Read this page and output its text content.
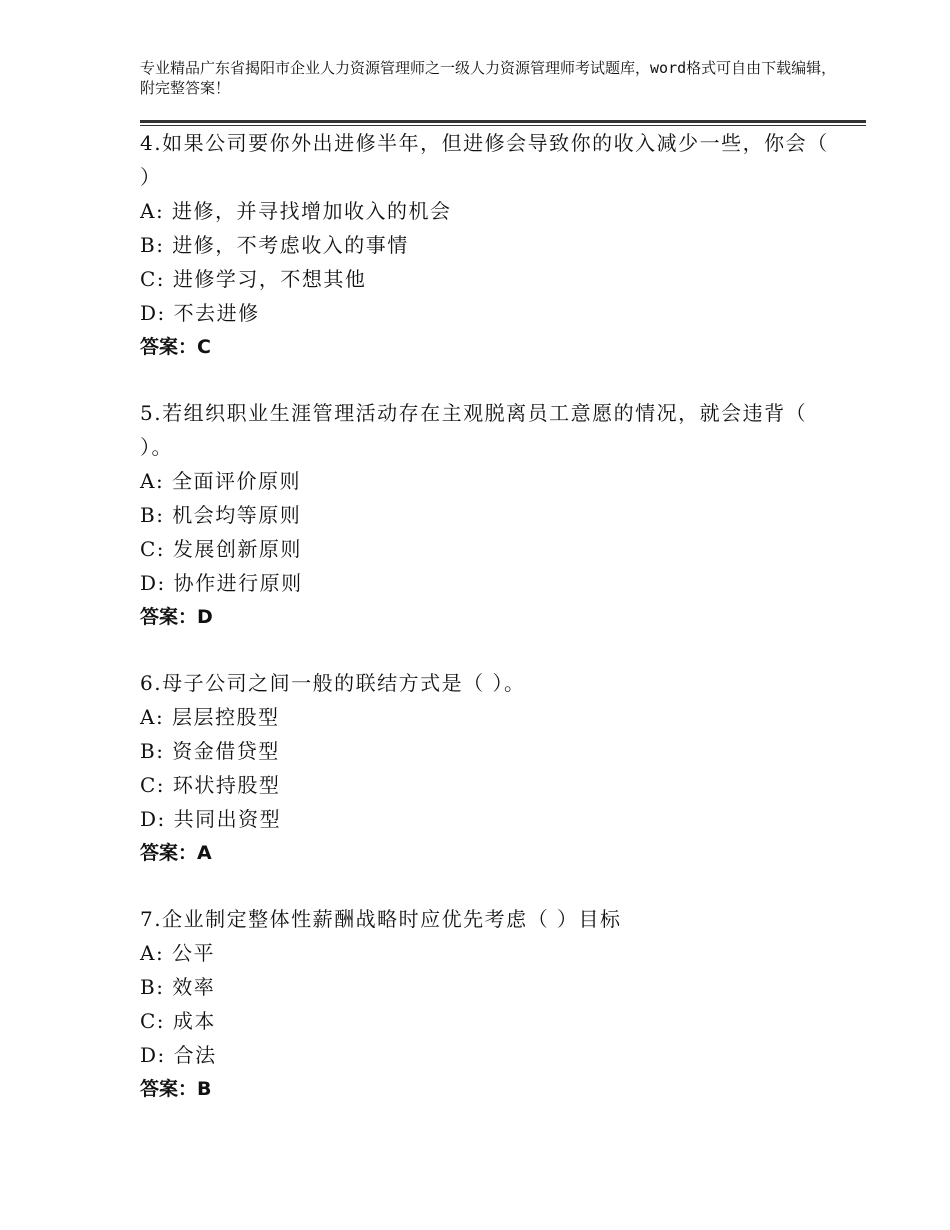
专业精品广东省揭阳市企业人力资源管理师之一级人力资源管理师考试题库，word格式可自由下载编辑，附完整答案！
4.如果公司要你外出进修半年，但进修会导致你的收入减少一些，你会（ ）
A: 进修，并寻找增加收入的机会
B: 进修，不考虑收入的事情
C: 进修学习，不想其他
D: 不去进修
答案：C
5.若组织职业生涯管理活动存在主观脱离员工意愿的情况，就会违背（ ）。
A: 全面评价原则
B: 机会均等原则
C: 发展创新原则
D: 协作进行原则
答案：D
6.母子公司之间一般的联结方式是（ ）。
A: 层层控股型
B: 资金借贷型
C: 环状持股型
D: 共同出资型
答案：A
7.企业制定整体性薪酬战略时应优先考虑（ ）目标
A: 公平
B: 效率
C: 成本
D: 合法
答案：B
